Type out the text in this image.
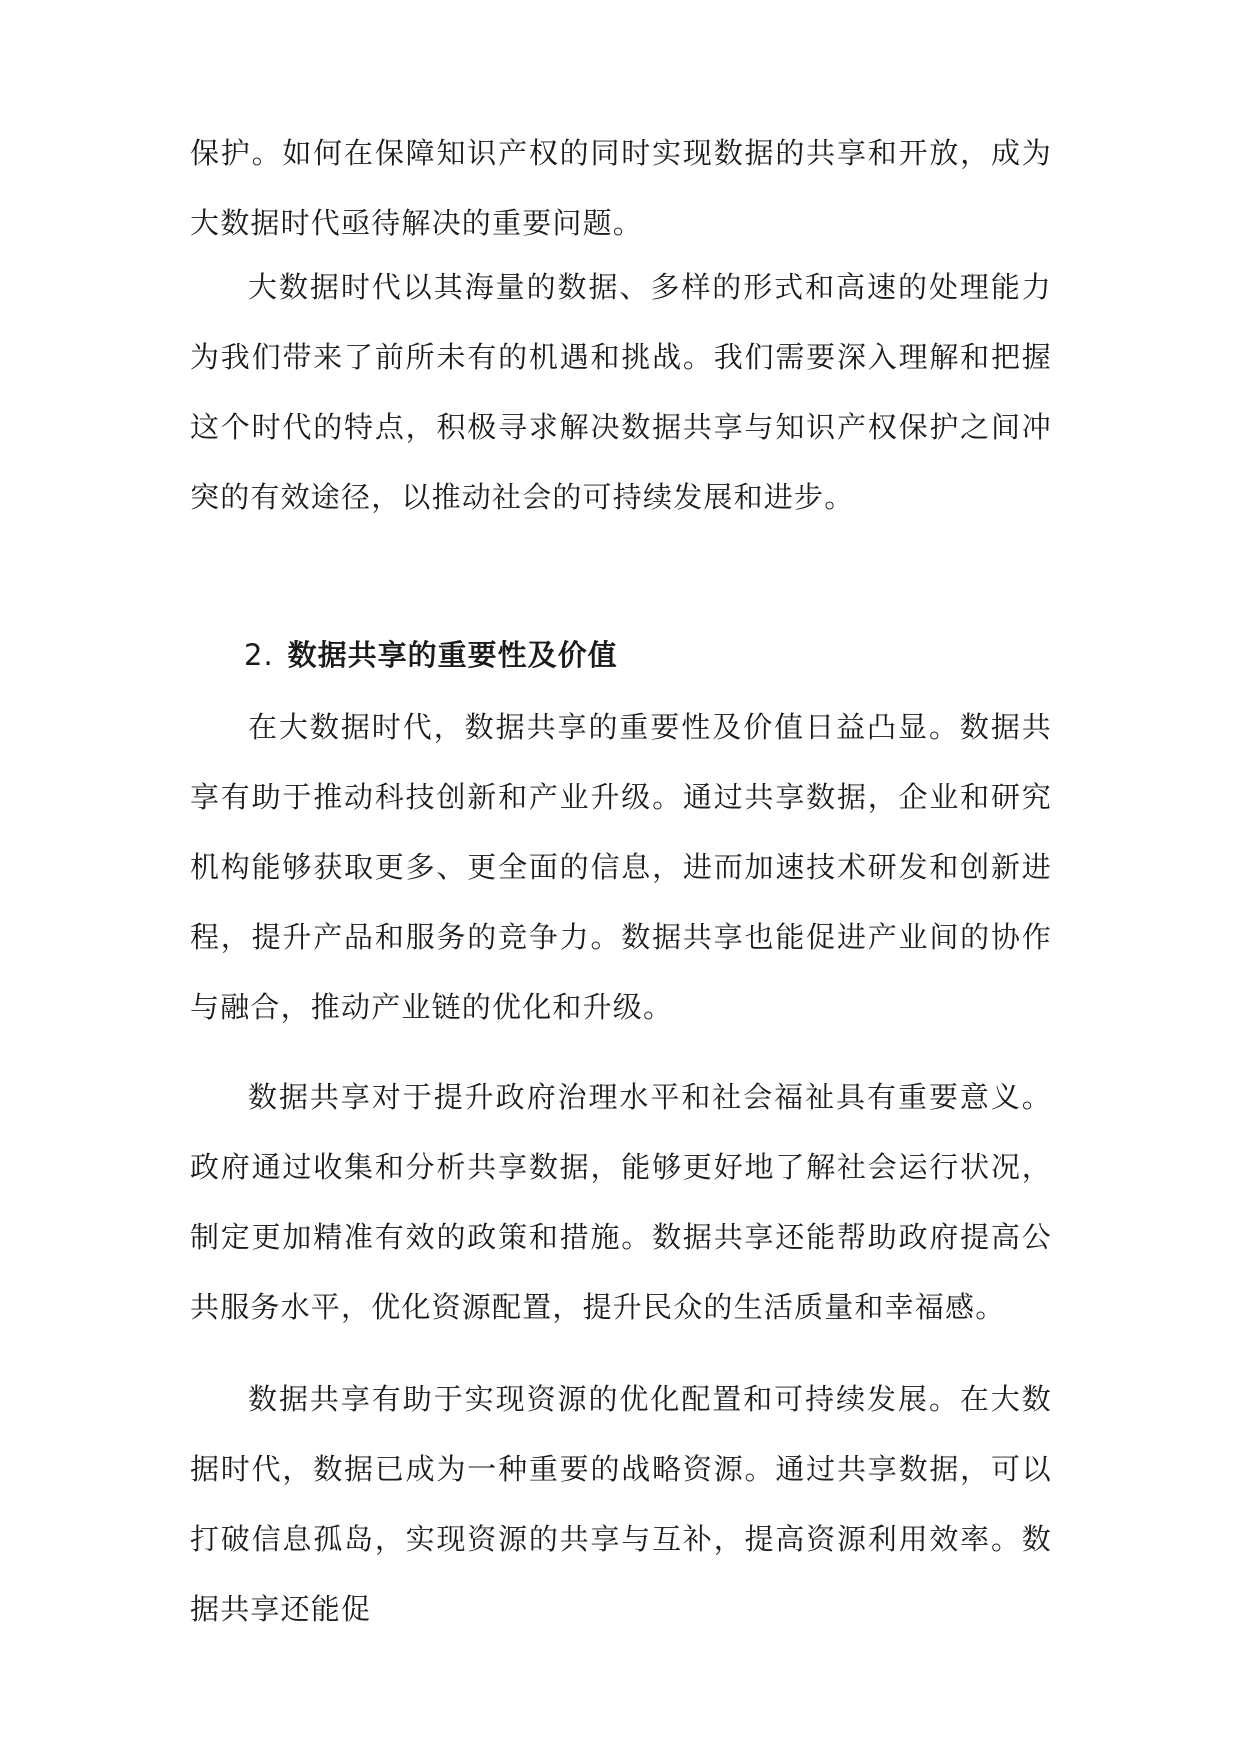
保护。如何在保障知识产权的同时实现数据的共享和开放，成为大数据时代亟待解决的重要问题。

大数据时代以其海量的数据、多样的形式和高速的处理能力为我们带来了前所未有的机遇和挑战。我们需要深入理解和把握这个时代的特点，积极寻求解决数据共享与知识产权保护之间冲突的有效途径，以推动社会的可持续发展和进步。

2. 数据共享的重要性及价值

在大数据时代，数据共享的重要性及价值日益凸显。数据共享有助于推动科技创新和产业升级。通过共享数据，企业和研究机构能够获取更多、更全面的信息，进而加速技术研发和创新进程，提升产品和服务的竞争力。数据共享也能促进产业间的协作与融合，推动产业链的优化和升级。

数据共享对于提升政府治理水平和社会福祉具有重要意义。政府通过收集和分析共享数据，能够更好地了解社会运行状况，制定更加精准有效的政策和措施。数据共享还能帮助政府提高公共服务水平，优化资源配置，提升民众的生活质量和幸福感。

数据共享有助于实现资源的优化配置和可持续发展。在大数据时代，数据已成为一种重要的战略资源。通过共享数据，可以打破信息孤岛，实现资源的共享与互补，提高资源利用效率。数据共享还能促
